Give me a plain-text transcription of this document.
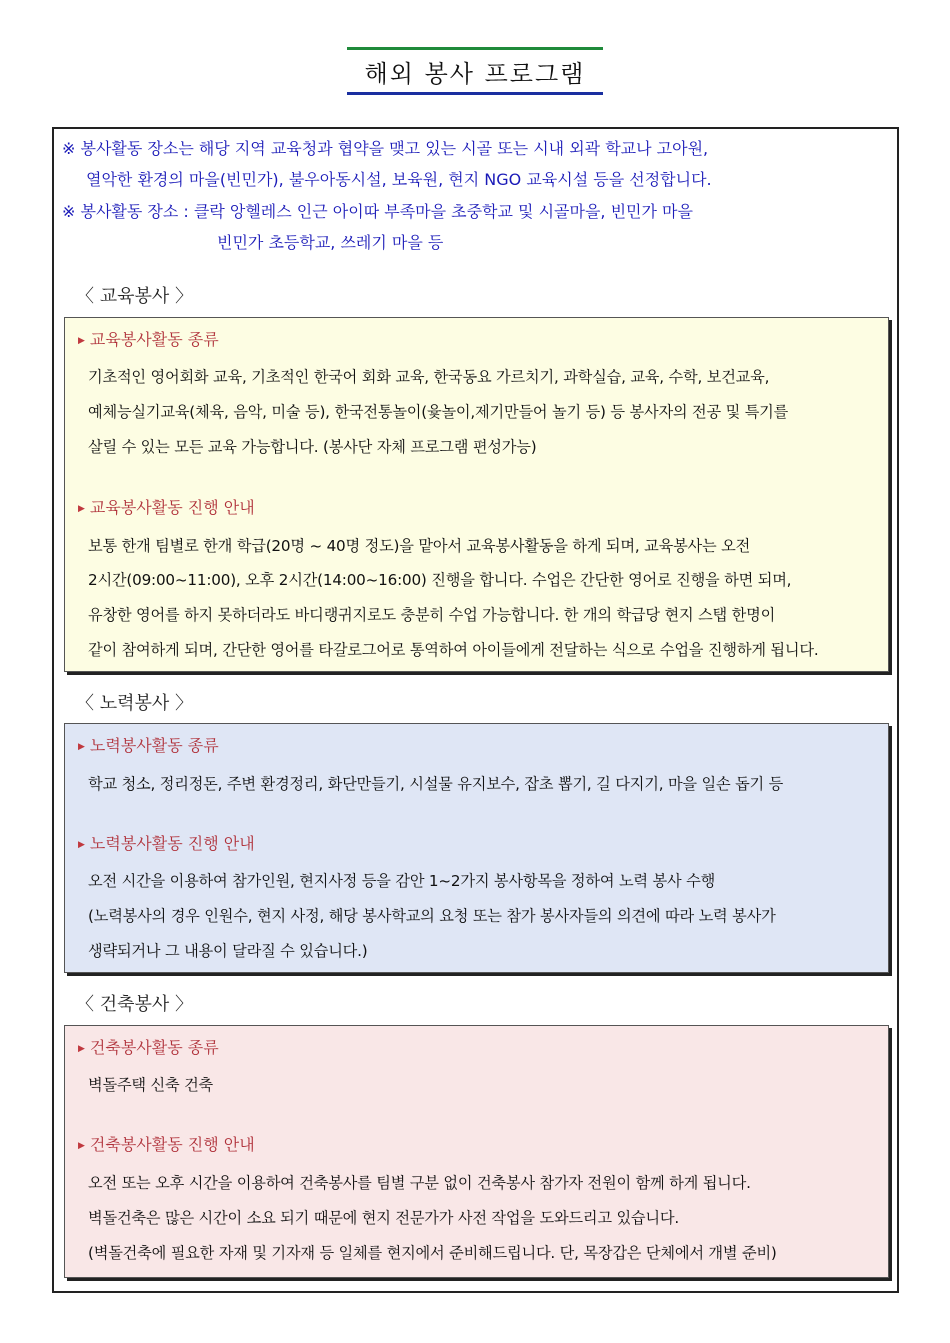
해외 봉사 프로그램
※ 봉사활동 장소는 해당 지역 교육청과 협약을 맺고 있는 시골 또는 시내 외곽 학교나 고아원,
열악한 환경의 마을(빈민가), 불우아동시설, 보육원, 현지 NGO 교육시설 등을 선정합니다.
※ 봉사활동 장소 : 클락 앙헬레스 인근 아이따 부족마을 초중학교 및 시골마을, 빈민가 마을
빈민가 초등학교, 쓰레기 마을 등
〈 교육봉사 〉
▶ 교육봉사활동 종류
기초적인 영어회화 교육, 기초적인 한국어 회화 교육, 한국동요 가르치기, 과학실습, 교육, 수학, 보건교육,
예체능실기교육(체육, 음악, 미술 등), 한국전통놀이(윷놀이,제기만들어 놀기 등) 등 봉사자의 전공 및 특기를
살릴 수 있는 모든 교육 가능합니다. (봉사단 자체 프로그램 편성가능)
▶ 교육봉사활동 진행 안내
보통 한개 팀별로 한개 학급(20명 ~ 40명 정도)을 맡아서 교육봉사활동을 하게 되며, 교육봉사는 오전
2시간(09:00~11:00), 오후 2시간(14:00~16:00) 진행을 합니다. 수업은 간단한 영어로 진행을 하면 되며,
유창한 영어를 하지 못하더라도 바디랭귀지로도 충분히 수업 가능합니다. 한 개의 학급당 현지 스탭 한명이
같이 참여하게 되며, 간단한 영어를 타갈로그어로 통역하여 아이들에게 전달하는 식으로 수업을 진행하게 됩니다.
〈 노력봉사 〉
▶ 노력봉사활동 종류
학교 청소, 정리정돈, 주변 환경정리, 화단만들기, 시설물 유지보수, 잡초 뽑기, 길 다지기, 마을 일손 돕기 등
▶ 노력봉사활동 진행 안내
오전 시간을 이용하여 참가인원, 현지사정 등을 감안 1~2가지 봉사항목을 정하여 노력 봉사 수행
(노력봉사의 경우 인원수, 현지 사정, 해당 봉사학교의 요청 또는 참가 봉사자들의 의견에 따라 노력 봉사가
생략되거나 그 내용이 달라질 수 있습니다.)
〈 건축봉사 〉
▶ 건축봉사활동 종류
벽돌주택 신축 건축
▶ 건축봉사활동 진행 안내
오전 또는 오후 시간을 이용하여 건축봉사를 팀별 구분 없이 건축봉사 참가자 전원이 함께 하게 됩니다.
벽돌건축은 많은 시간이 소요 되기 때문에 현지 전문가가 사전 작업을 도와드리고 있습니다.
(벽돌건축에 필요한 자재 및 기자재 등 일체를 현지에서 준비해드립니다. 단, 목장갑은 단체에서 개별 준비)
